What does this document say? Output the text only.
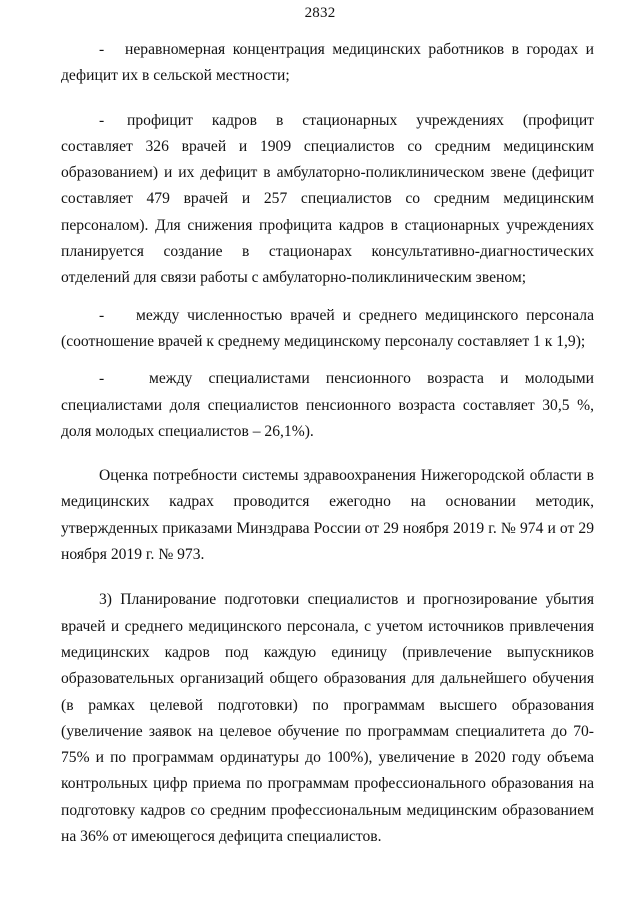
2832

- неравномерная концентрация медицинских работников в городах и дефицит их в сельской местности;

- профицит кадров в стационарных учреждениях (профицит составляет 326 врачей и 1909 специалистов со средним медицинским образованием) и их дефицит в амбулаторно-поликлиническом звене (дефицит составляет 479 врачей и 257 специалистов со средним медицинским персоналом). Для снижения профицита кадров в стационарных учреждениях планируется создание в стационарах консультативно-диагностических отделений для связи работы с амбулаторно-поликлиническим звеном;

- между численностью врачей и среднего медицинского персонала (соотношение врачей к среднему медицинскому персоналу составляет 1 к 1,9);

-	между специалистами пенсионного возраста и молодыми специалистами доля специалистов пенсионного возраста составляет 30,5 %, доля молодых специалистов – 26,1%).

Оценка потребности системы здравоохранения Нижегородской области в медицинских кадрах проводится ежегодно на основании методик, утвержденных приказами Минздрава России от 29 ноября 2019 г. № 974 и от 29 ноября 2019 г. № 973.

3) Планирование подготовки специалистов и прогнозирование убытия врачей и среднего медицинского персонала, с учетом источников привлечения медицинских кадров под каждую единицу (привлечение выпускников образовательных организаций общего образования для дальнейшего обучения (в рамках целевой подготовки) по программам высшего образования (увеличение заявок на целевое обучение по программам специалитета до 70-75% и по программам ординатуры до 100%), увеличение в 2020 году объема контрольных цифр приема по программам профессионального образования на подготовку кадров со средним профессиональным медицинским образованием на 36% от имеющегося дефицита специалистов.
